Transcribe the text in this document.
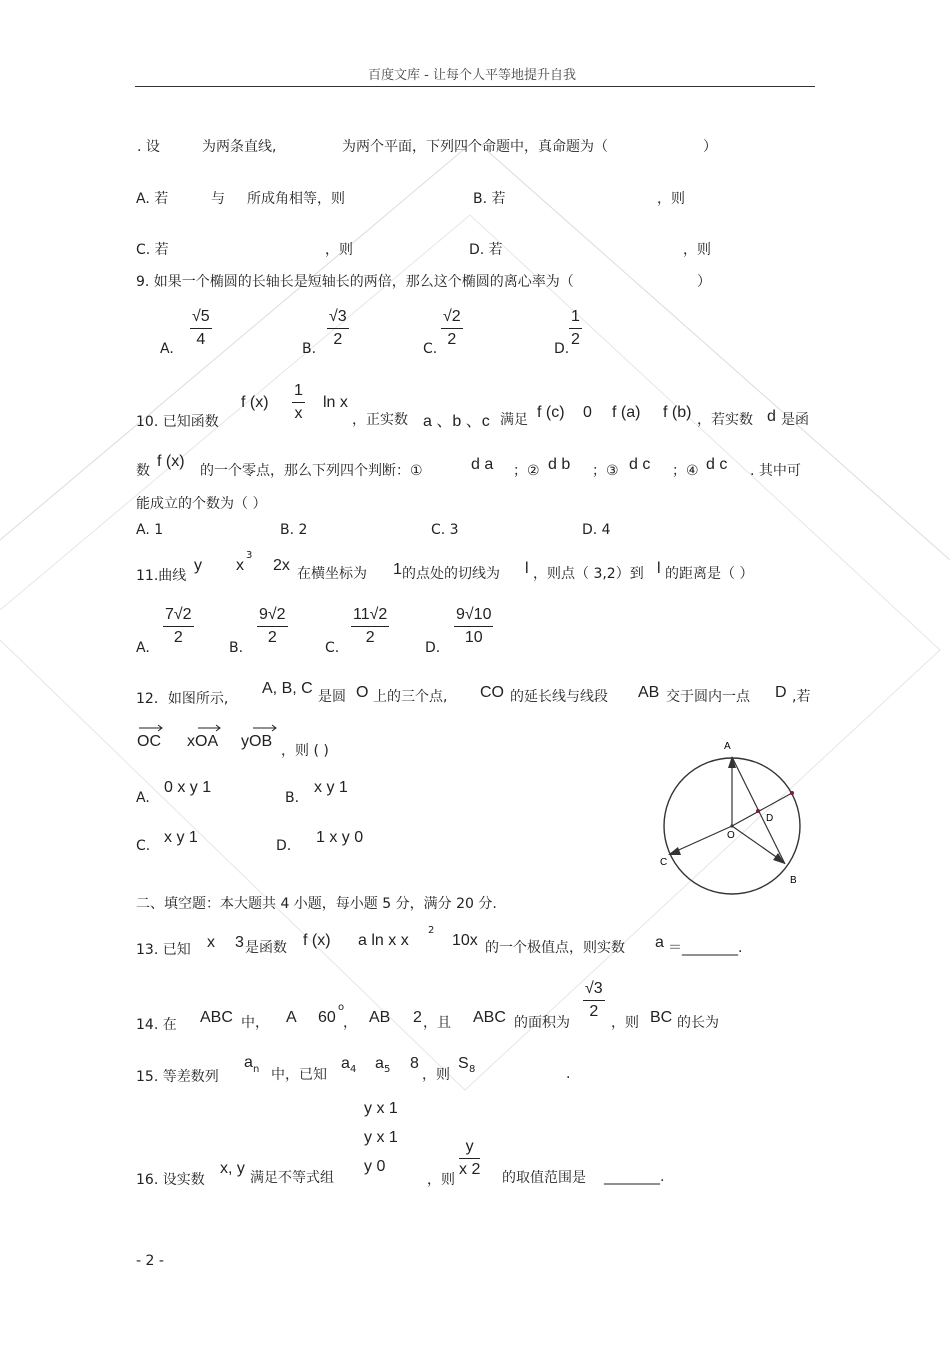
百度文库 - 让每个人平等地提升自我
. 设	为两条直线,	为两个平面，下列四个命题中，真命题为（	）
A. 若	与 所成角相等，则	B. 若	，则
C. 若	，则	D. 若	，则
9. 如果一个椭圆的长轴长是短轴长的两倍，那么这个椭圆的离心率为（	）
A. $\frac{√5}{4}$	B. $\frac{√3}{2}$	C. $\frac{√2}{2}$	D. $\frac{1}{2}$
10. 已知函数
f $(x) \frac{1}{x}$ ln x
，正实数 a 、b 、c 满足 f (c) 0 f (a) f (b) ，若实数 d 是函
数
f (x)
的一个零点，那么下列四个判断：①	d a ；② d b ；③ d c ；④ d c . 其中可
能成立的个数为（ ）
A. 1	B. 2	C. 3	D. 4
11.曲线
y x
3
2x 在横坐标为 1 的点处的切线为 l ，则点（ 3,2）到 l 的距离是（ ）
A. $\frac{7√2}{2}$	B. $\frac{9√2}{2}$	C. $\frac{11√2}{2}$	D. $\frac{9√10}{10}$
12．如图所示,
A, B, C 是圆 O 上的三个点, CO 的延长线与线段 AB 交于圆内一点 D ,若
OC xOA yOB
，则 ( )
A.
0 x y 1
B.
x y 1
C. x y 1	D. 1 x y 0
A
B
C
D
O
二、填空题：本大题共 4 小题，每小题 5 分，满分 20 分.
13. 已知 x 3 是函数 f (x) a ln x x
2
10x 的一个极值点，则实数 a ＝________.
14. 在 ABC 中， A 60
o
， AB 2 ，且 ABC 的面积为 $\frac{√3}{2}$ ，则 BC 的长为
15. 等差数列
a n 中，已知
a 4 a 5 8
，则
S 8	.
16. 设实数
x, y
满足不等式组
y x 1
y x 1
y 0
，则 $\frac{y}{x 2}$ 的取值范围是 ________.
- 2 -
